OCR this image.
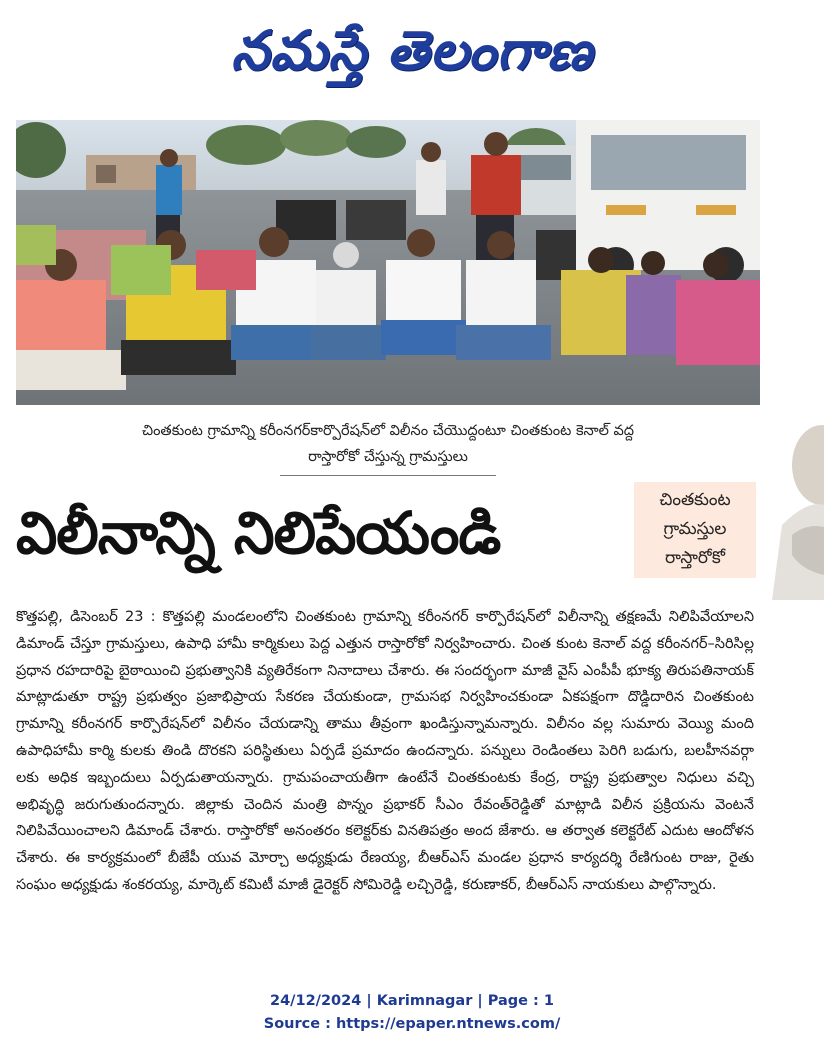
నమస్తే తెలంగాణ
చింతకుంట గ్రామాన్ని కరీంనగర్‌కార్పొరేషన్‌లో విలీనం చేయొద్దంటూ చింతకుంట కెనాల్ వద్ద
రాస్తారోకో చేస్తున్న గ్రామస్తులు
విలీనాన్ని నిలిపేయండి	చింతకుంట
గ్రామస్తుల
రాస్తారోకో
కొత్తపల్లి, డిసెంబర్ 23 : కొత్తపల్లి మండలంలోని చింతకుంట గ్రామాన్ని కరీంనగర్ కార్పొరేషన్‌లో విలీనాన్ని తక్షణమే నిలిపివేయాలని డిమాండ్ చేస్తూ గ్రామస్తులు, ఉపాధి హామీ కార్మికులు పెద్ద ఎత్తున రాస్తారోకో నిర్వహించారు. చింత కుంట కెనాల్ వద్ద కరీంనగర్–సిరిసిల్ల ప్రధాన రహదారిపై బైఠాయించి ప్రభుత్వానికి వ్యతిరేకంగా నినాదాలు చేశారు. ఈ సందర్భంగా మాజీ వైస్ ఎంపీపీ భూక్య తిరుపతినాయక్ మాట్లాడుతూ రాష్ట్ర ప్రభుత్వం ప్రజాభిప్రాయ సేకరణ చేయకుండా, గ్రామసభ నిర్వహించకుండా ఏకపక్షంగా దొడ్డిదారిన చింతకుంట గ్రామాన్ని కరీంనగర్ కార్పొరేషన్‌లో విలీనం చేయడాన్ని తాము తీవ్రంగా ఖండిస్తున్నామన్నారు. విలీనం వల్ల సుమారు వెయ్యి మంది ఉపాధిహామీ కార్మి కులకు తిండి దొరకని పరిస్థితులు ఏర్పడే ప్రమాదం ఉందన్నారు. పన్నులు రెండింతలు పెరిగి బడుగు, బలహీనవర్గా లకు అధిక ఇబ్బందులు ఏర్పడుతాయన్నారు. గ్రామపంచాయతీగా ఉంటేనే చింతకుంటకు కేంద్ర, రాష్ట్ర ప్రభుత్వాల నిధులు వచ్చి అభివృద్ధి జరుగుతుందన్నారు. జిల్లాకు చెందిన మంత్రి పొన్నం ప్రభాకర్ సీఎం రేవంత్‌రెడ్డితో మాట్లాడి విలీన ప్రక్రియను వెంటనే నిలిపివేయించాలని డిమాండ్ చేశారు. రాస్తారోకో అనంతరం కలెక్టర్‌కు వినతిపత్రం అంద జేశారు. ఆ తర్వాత కలెక్టరేట్ ఎదుట ఆందోళన చేశారు. ఈ కార్యక్రమంలో బీజేపీ యువ మోర్చా అధ్యక్షుడు రేణయ్య, బీఆర్ఎస్ మండల ప్రధాన కార్యదర్శి రేణిగుంట రాజు, రైతు సంఘం అధ్యక్షుడు శంకరయ్య, మార్కెట్ కమిటీ మాజీ డైరెక్టర్ సోమిరెడ్డి లచ్చిరెడ్డి, కరుణాకర్, బీఆర్ఎస్ నాయకులు పాల్గొన్నారు.
24/12/2024 | Karimnagar | Page : 1
Source : https://epaper.ntnews.com/
